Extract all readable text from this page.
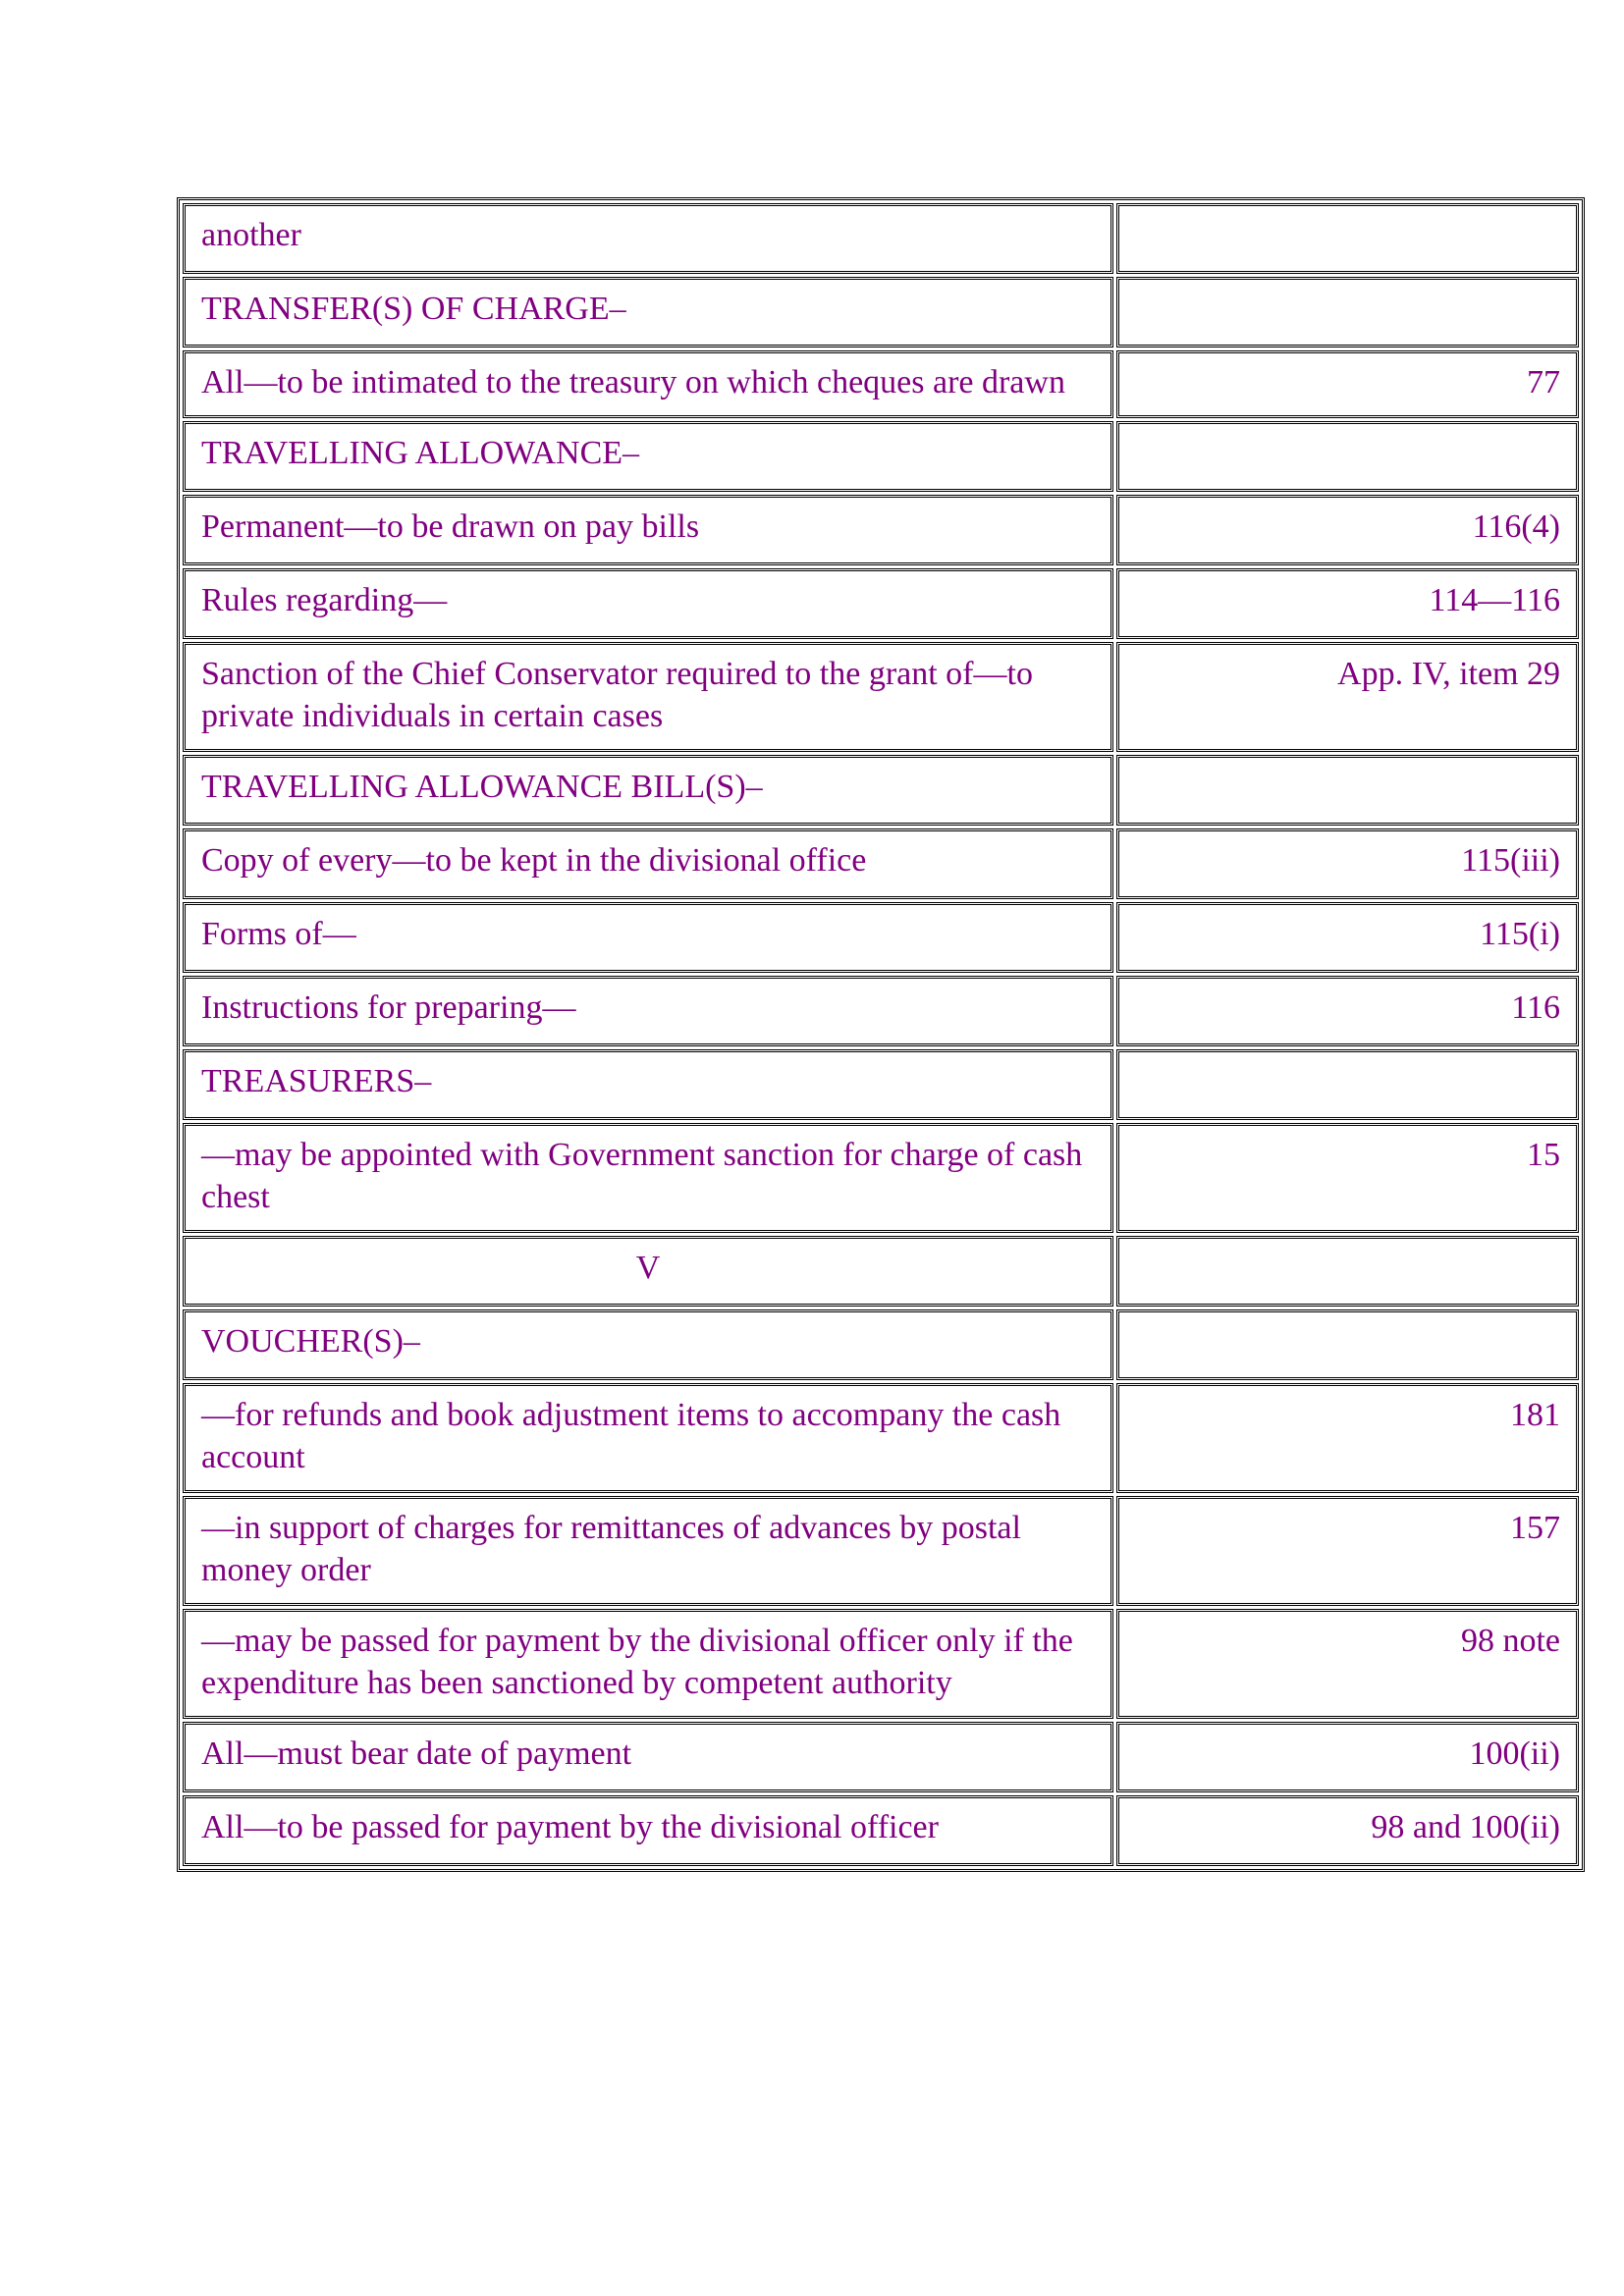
another	
TRANSFER(S) OF CHARGE–	
All—to be intimated to the treasury on which cheques are drawn	77
TRAVELLING ALLOWANCE–	
Permanent—to be drawn on pay bills	116(4)
Rules regarding—	114—116
Sanction of the Chief Conservator required to the grant of—to private individuals in certain cases	App. IV, item 29
TRAVELLING ALLOWANCE BILL(S)–	
Copy of every—to be kept in the divisional office	115(iii)
Forms of—	115(i)
Instructions for preparing—	116
TREASURERS–	
—may be appointed with Government sanction for charge of cash chest	15
V	
VOUCHER(S)–	
—for refunds and book adjustment items to accompany the cash account	181
—in support of charges for remittances of advances by postal money order	157
—may be passed for payment by the divisional officer only if the expenditure has been sanctioned by competent authority	98 note
All—must bear date of payment	100(ii)
All—to be passed for payment by the divisional officer	98 and 100(ii)
